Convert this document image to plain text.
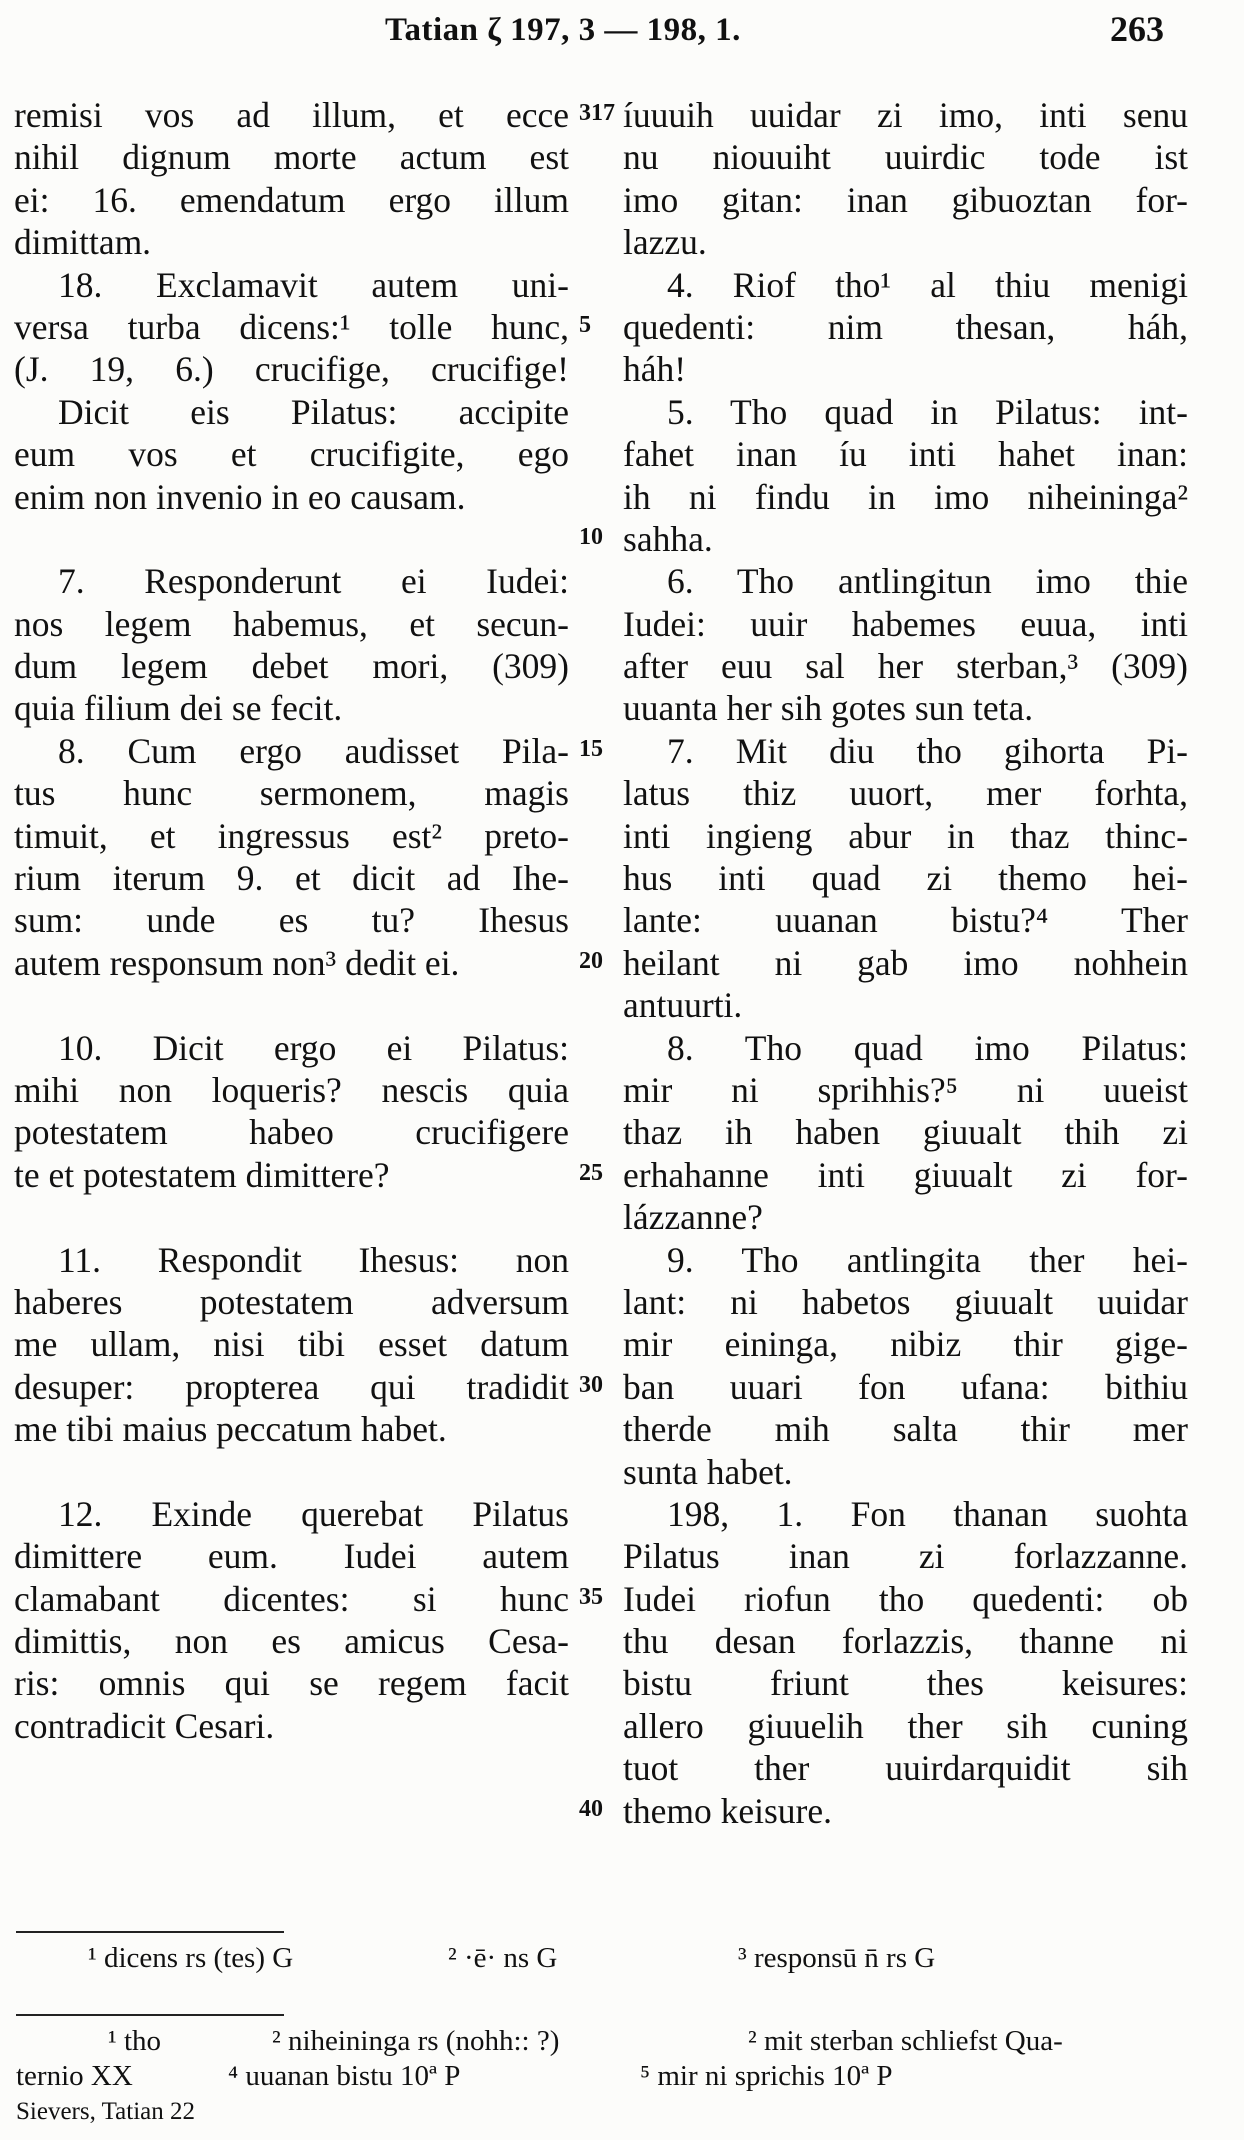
Tatian ζ 197, 3 — 198, 1.	263
remisi vos ad illum, et ecce
nihil dignum morte actum est
ei: 16. emendatum ergo illum
dimittam.
18. Exclamavit autem uni-
versa turba dicens:¹ tolle hunc,
(J. 19, 6.) crucifige, crucifige!
Dicit eis Pilatus: accipite
eum vos et crucifigite, ego
enim non invenio in eo causam.
7. Responderunt ei Iudei:
nos legem habemus, et secun-
dum legem debet mori, (309)
quia filium dei se fecit.
8. Cum ergo audisset Pila-
tus hunc sermonem, magis
timuit, et ingressus est² preto-
rium iterum 9. et dicit ad Ihe-
sum: unde es tu? Ihesus
autem responsum non³ dedit ei.
10. Dicit ergo ei Pilatus:
mihi non loqueris? nescis quia
potestatem habeo crucifigere
te et potestatem dimittere?
11. Respondit Ihesus: non
haberes potestatem adversum
me ullam, nisi tibi esset datum
desuper: propterea qui tradidit
me tibi maius peccatum habet.
12. Exinde querebat Pilatus
dimittere eum. Iudei autem
clamabant dicentes: si hunc
dimittis, non es amicus Cesa-
ris: omnis qui se regem facit
contradicit Cesari.
íuuuih uuidar zi imo, inti senu
nu niouuiht uuirdic tode ist
imo gitan: inan gibuoztan for-
lazzu.
4. Riof tho¹ al thiu menigi
quedenti: nim thesan, háh,
háh!
5. Tho quad in Pilatus: int-
fahet inan íu inti hahet inan:
ih ni findu in imo niheininga²
sahha.
6. Tho antlingitun imo thie
Iudei: uuir habemes euua, inti
after euu sal her sterban,³ (309)
uuanta her sih gotes sun teta.
7. Mit diu tho gihorta Pi-
latus thiz uuort, mer forhta,
inti ingieng abur in thaz thinc-
hus inti quad zi themo hei-
lante: uuanan bistu?⁴ Ther
heilant ni gab imo nohhein
antuurti.
8. Tho quad imo Pilatus:
mir ni sprihhis?⁵ ni uueist
thaz ih haben giuualt thih zi
erhahanne inti giuualt zi for-
lázzanne?
9. Tho antlingita ther hei-
lant: ni habetos giuualt uuidar
mir eininga, nibiz thir gige-
ban uuari fon ufana: bithiu
therde mih salta thir mer
sunta habet.
198, 1. Fon thanan suohta
Pilatus inan zi forlazzanne.
Iudei riofun tho quedenti: ob
thu desan forlazzis, thanne ni
bistu friunt thes keisures:
allero giuuelih ther sih cuning
tuot ther uuirdarquidit sih
themo keisure.
317
5
10
15
20
25
30
35
40
¹ dicens rs (tes) G	² ·ē· ns G	³ responsū n̄ rs G
¹ tho	² niheininga rs (nohh:: ?)	² mit sterban schliefst Qua-
ternio XX	⁴ uuanan bistu 10ª P	⁵ mir ni sprichis 10ª P
Sievers, Tatian 22
